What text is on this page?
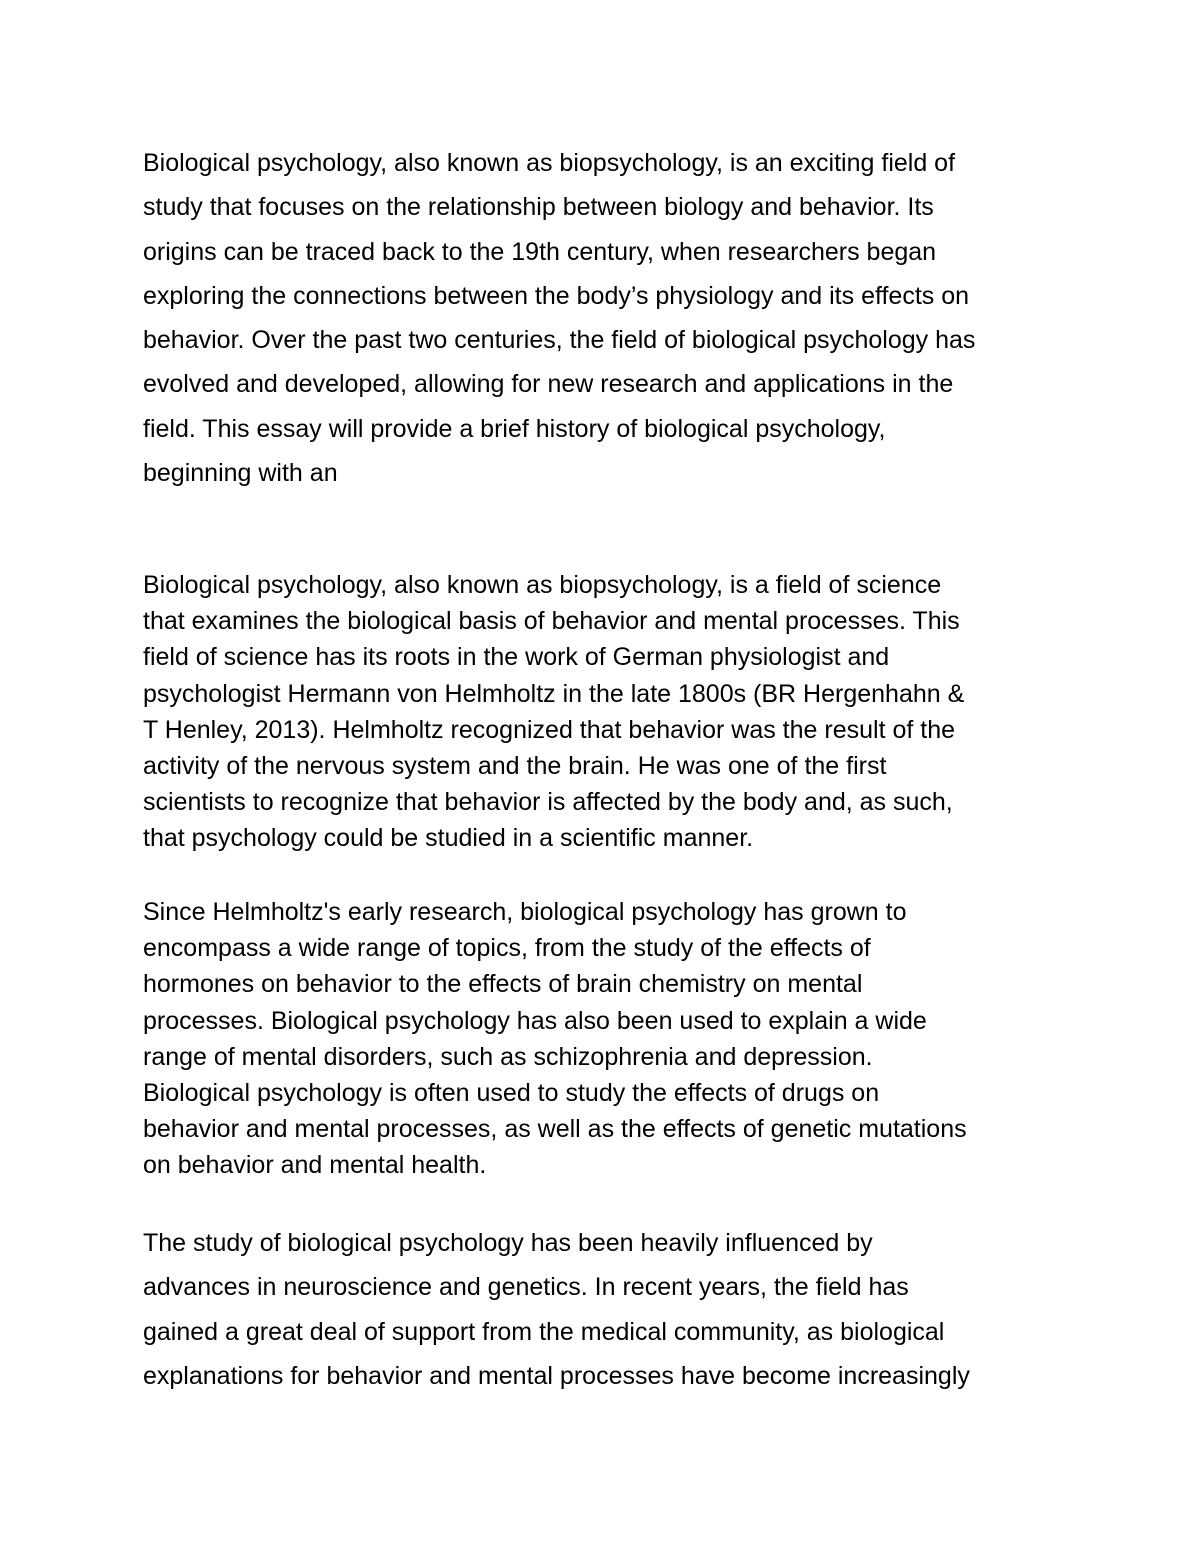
Biological psychology, also known as biopsychology, is an exciting field of
study that focuses on the relationship between biology and behavior. Its
origins can be traced back to the 19th century, when researchers began
exploring the connections between the body’s physiology and its effects on
behavior. Over the past two centuries, the field of biological psychology has
evolved and developed, allowing for new research and applications in the
field. This essay will provide a brief history of biological psychology,
beginning with an

Biological psychology, also known as biopsychology, is a field of science
that examines the biological basis of behavior and mental processes. This
field of science has its roots in the work of German physiologist and
psychologist Hermann von Helmholtz in the late 1800s (BR Hergenhahn &
T Henley, 2013). Helmholtz recognized that behavior was the result of the
activity of the nervous system and the brain. He was one of the first
scientists to recognize that behavior is affected by the body and, as such,
that psychology could be studied in a scientific manner.

Since Helmholtz's early research, biological psychology has grown to
encompass a wide range of topics, from the study of the effects of
hormones on behavior to the effects of brain chemistry on mental
processes. Biological psychology has also been used to explain a wide
range of mental disorders, such as schizophrenia and depression.
Biological psychology is often used to study the effects of drugs on
behavior and mental processes, as well as the effects of genetic mutations
on behavior and mental health.

The study of biological psychology has been heavily influenced by
advances in neuroscience and genetics. In recent years, the field has
gained a great deal of support from the medical community, as biological
explanations for behavior and mental processes have become increasingly
